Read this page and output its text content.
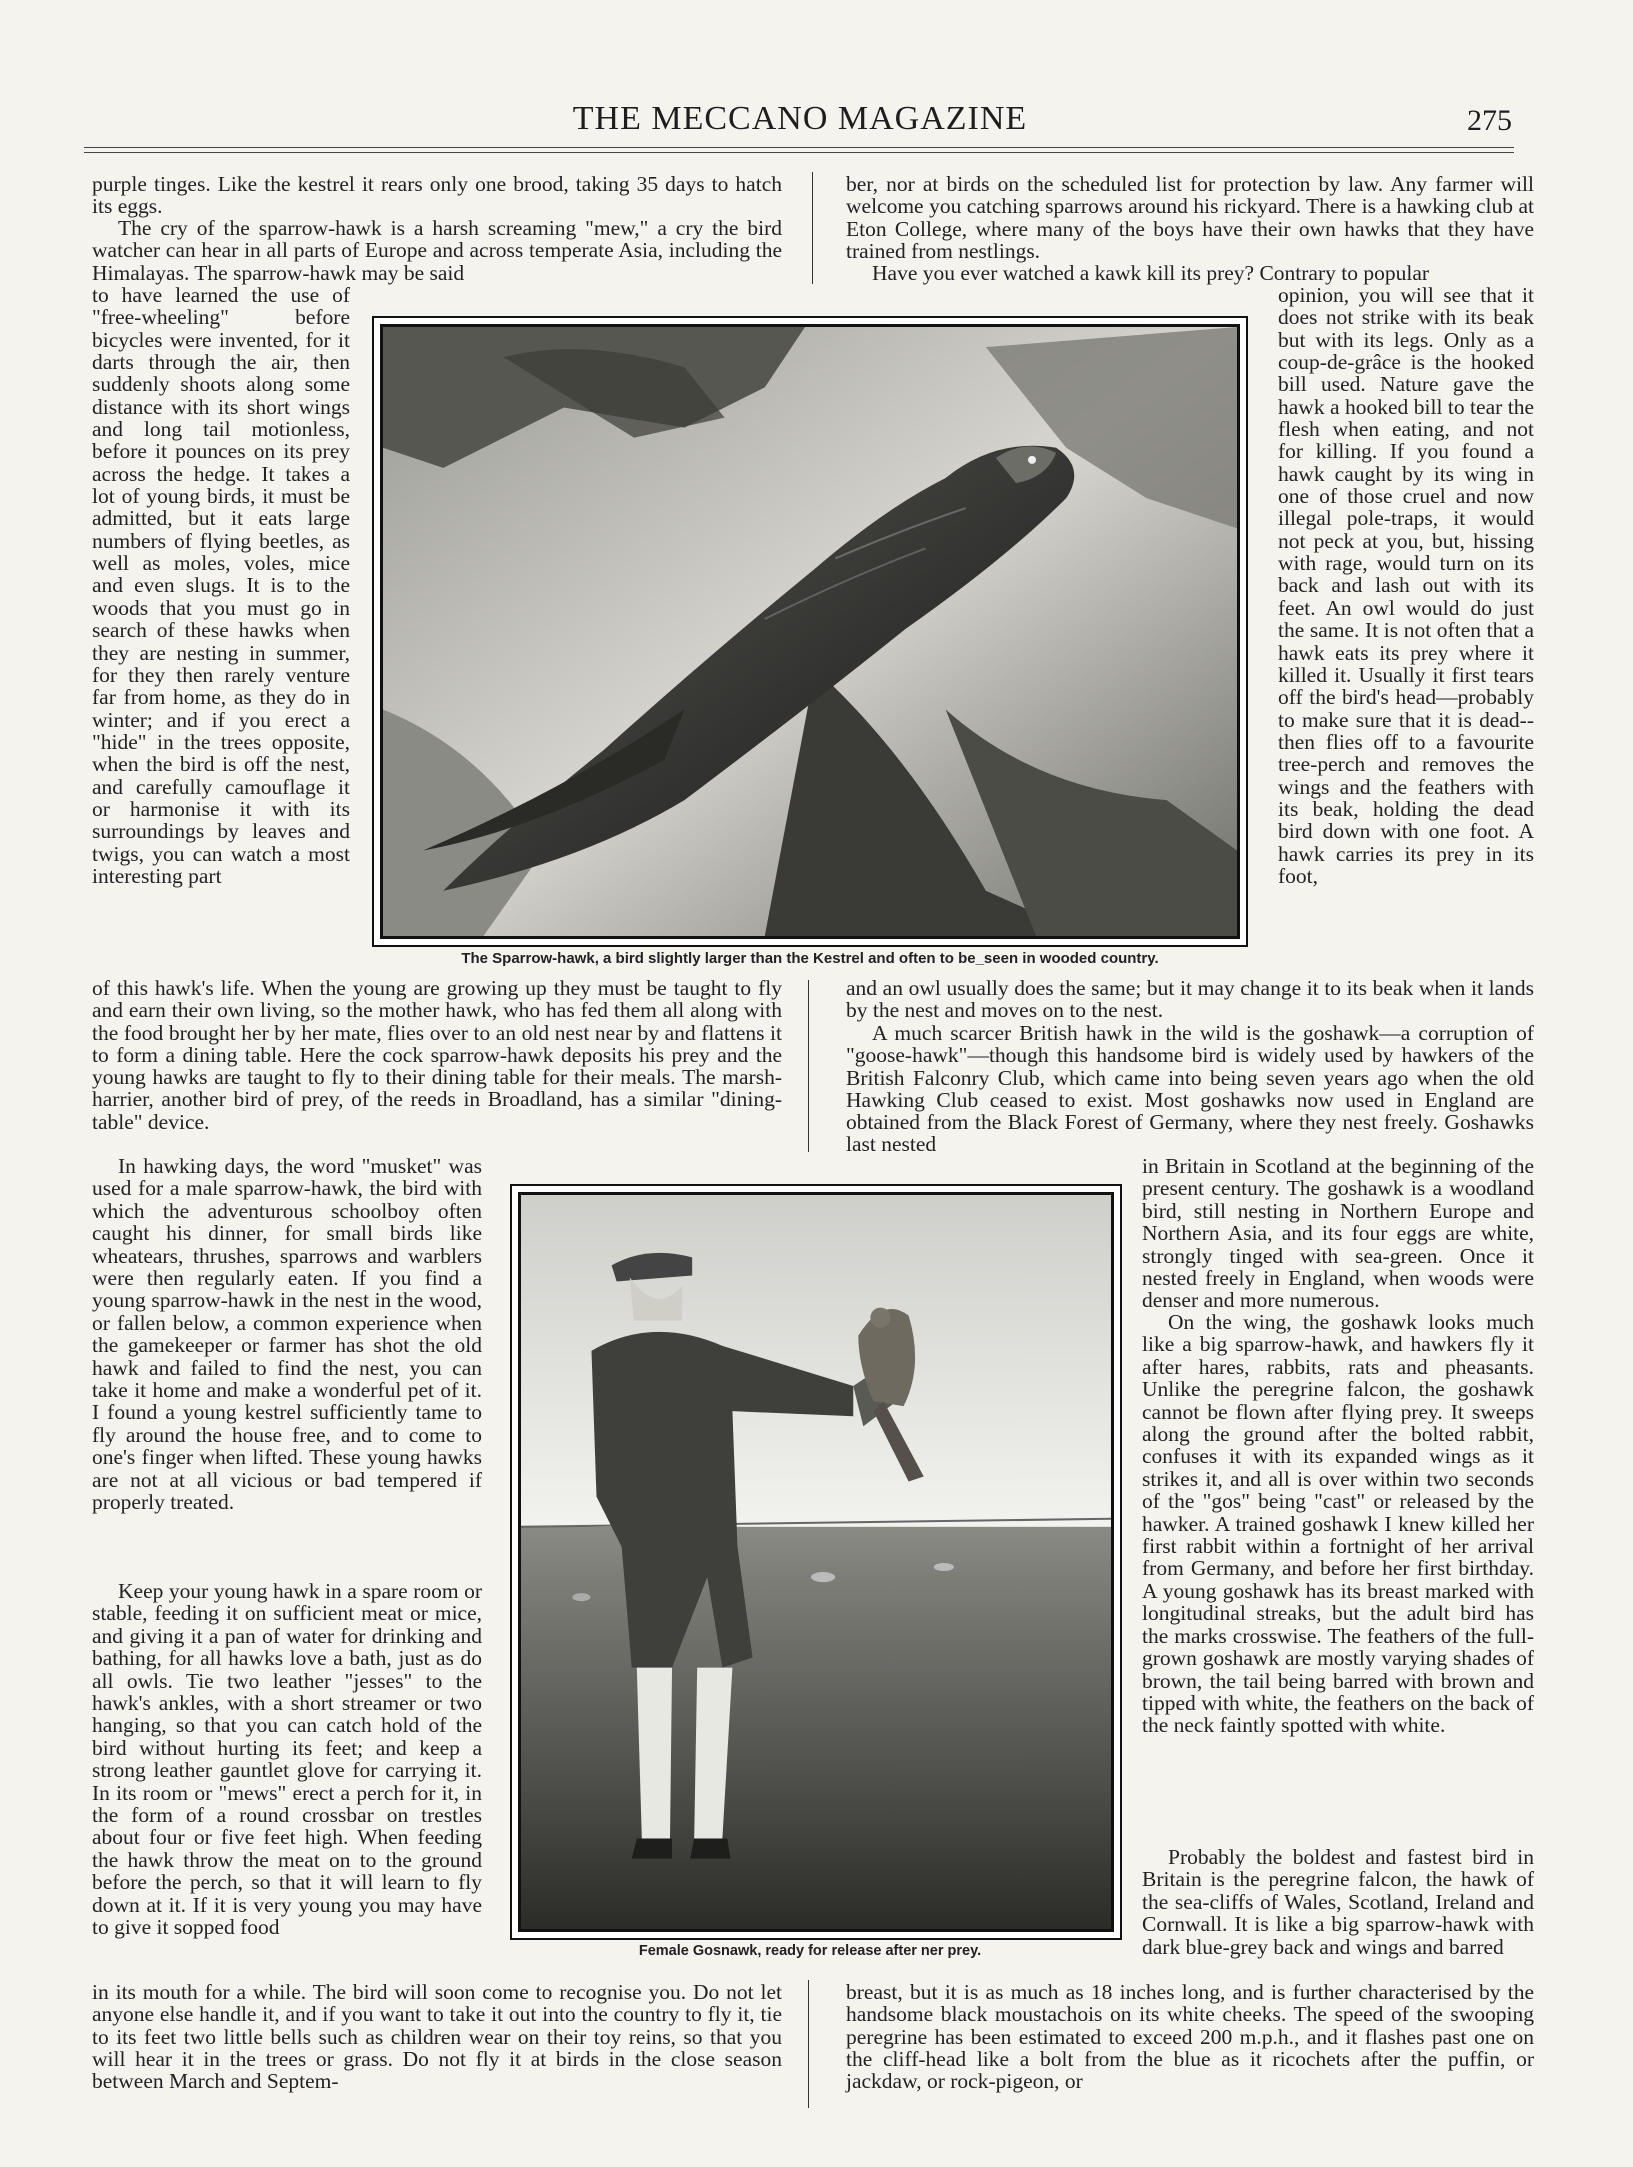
THE MECCANO MAGAZINE	275

purple tinges. Like the kestrel it rears only one brood, taking 35 days to hatch its eggs.

The cry of the sparrow-hawk is a harsh screaming "mew," a cry the bird watcher can hear in all parts of Europe and across temperate Asia, including the Himalayas. The sparrow-hawk may be said

to have learned the use of "free-wheeling" before bicycles were invented, for it darts through the air, then suddenly shoots along some distance with its short wings and long tail motionless, before it pounces on its prey across the hedge. It takes a lot of young birds, it must be admitted, but it eats large numbers of flying beetles, as well as moles, voles, mice and even slugs. It is to the woods that you must go in search of these hawks when they are nesting in summer, for they then rarely venture far from home, as they do in winter; and if you erect a "hide" in the trees opposite, when the bird is off the nest, and carefully camouflage it or harmonise it with its surroundings by leaves and twigs, you can watch a most interesting part

of this hawk's life. When the young are growing up they must be taught to fly and earn their own living, so the mother hawk, who has fed them all along with the food brought her by her mate, flies over to an old nest near by and flattens it to form a dining table. Here the cock sparrow-hawk deposits his prey and the young hawks are taught to fly to their dining table for their meals. The marsh-harrier, another bird of prey, of the reeds in Broadland, has a similar "dining-table" device.

In hawking days, the word "musket" was used for a male sparrow-hawk, the bird with which the adventurous schoolboy often caught his dinner, for small birds like wheatears, thrushes, sparrows and warblers were then regularly eaten. If you find a young sparrow-hawk in the nest in the wood, or fallen below, a common experience when the gamekeeper or farmer has shot the old hawk and failed to find the nest, you can take it home and make a wonderful pet of it. I found a young kestrel sufficiently tame to fly around the house free, and to come to one's finger when lifted. These young hawks are not at all vicious or bad tempered if properly treated.

Keep your young hawk in a spare room or stable, feeding it on sufficient meat or mice, and giving it a pan of water for drinking and bathing, for all hawks love a bath, just as do all owls. Tie two leather "jesses" to the hawk's ankles, with a short streamer or two hanging, so that you can catch hold of the bird without hurting its feet; and keep a strong leather gauntlet glove for carrying it. In its room or "mews" erect a perch for it, in the form of a round crossbar on trestles about four or five feet high. When feeding the hawk throw the meat on to the ground before the perch, so that it will learn to fly down at it. If it is very young you may have to give it sopped food

in its mouth for a while. The bird will soon come to recognise you. Do not let anyone else handle it, and if you want to take it out into the country to fly it, tie to its feet two little bells such as children wear on their toy reins, so that you will hear it in the trees or grass. Do not fly it at birds in the close season between March and Septem-

ber, nor at birds on the scheduled list for protection by law. Any farmer will welcome you catching sparrows around his rickyard. There is a hawking club at Eton College, where many of the boys have their own hawks that they have trained from nestlings.

Have you ever watched a kawk kill its prey? Contrary to popular

opinion, you will see that it does not strike with its beak but with its legs. Only as a coup-de-grâce is the hooked bill used. Nature gave the hawk a hooked bill to tear the flesh when eating, and not for killing. If you found a hawk caught by its wing in one of those cruel and now illegal pole-traps, it would not peck at you, but, hissing with rage, would turn on its back and lash out with its feet. An owl would do just the same. It is not often that a hawk eats its prey where it killed it. Usually it first tears off the bird's head—probably to make sure that it is dead--then flies off to a favourite tree-perch and removes the wings and the feathers with its beak, holding the dead bird down with one foot. A hawk carries its prey in its foot,

and an owl usually does the same; but it may change it to its beak when it lands by the nest and moves on to the nest.

A much scarcer British hawk in the wild is the goshawk—a corruption of "goose-hawk"—though this handsome bird is widely used by hawkers of the British Falconry Club, which came into being seven years ago when the old Hawking Club ceased to exist. Most goshawks now used in England are obtained from the Black Forest of Germany, where they nest freely. Goshawks last nested

in Britain in Scotland at the beginning of the present century. The goshawk is a woodland bird, still nesting in Northern Europe and Northern Asia, and its four eggs are white, strongly tinged with sea-green. Once it nested freely in England, when woods were denser and more numerous.

On the wing, the goshawk looks much like a big sparrow-hawk, and hawkers fly it after hares, rabbits, rats and pheasants. Unlike the peregrine falcon, the goshawk cannot be flown after flying prey. It sweeps along the ground after the bolted rabbit, confuses it with its expanded wings as it strikes it, and all is over within two seconds of the "gos" being "cast" or released by the hawker. A trained goshawk I knew killed her first rabbit within a fortnight of her arrival from Germany, and before her first birthday. A young goshawk has its breast marked with longitudinal streaks, but the adult bird has the marks crosswise. The feathers of the full-grown goshawk are mostly varying shades of brown, the tail being barred with brown and tipped with white, the feathers on the back of the neck faintly spotted with white.

Probably the boldest and fastest bird in Britain is the peregrine falcon, the hawk of the sea-cliffs of Wales, Scotland, Ireland and Cornwall. It is like a big sparrow-hawk with dark blue-grey back and wings and barred

breast, but it is as much as 18 inches long, and is further characterised by the handsome black moustachois on its white cheeks. The speed of the swooping peregrine has been estimated to exceed 200 m.p.h., and it flashes past one on the cliff-head like a bolt from the blue as it ricochets after the puffin, or jackdaw, or rock-pigeon, or

The Sparrow-hawk, a bird slightly larger than the Kestrel and often to be_seen in wooded country.

Female Gosnawk, ready for release after ner prey.
